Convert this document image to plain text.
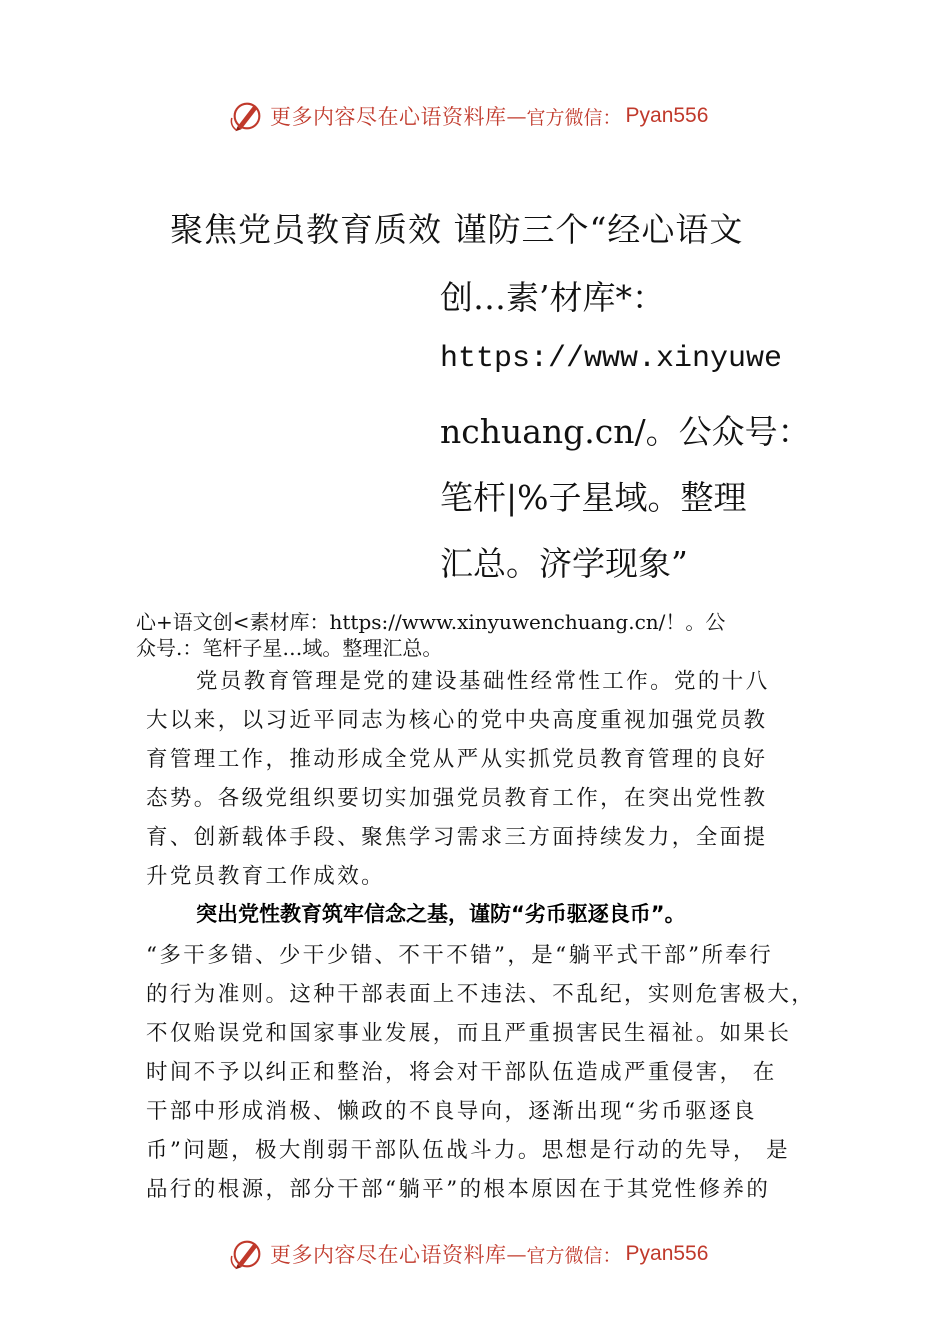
更多内容尽在心语资料库 — 官方微信： Pyan556
聚焦党员教育质效 谨防三个“经心语文
创…素’材库*：
https://www.xinyuwe
nchuang.cn/。公众号：
笔杆|%子星域。整理
汇总。济学现象”
心+语文创<素材库：https://www.xinyuwenchuang.cn/！。公
众号.：笔杆子星…域。整理汇总。
党员教育管理是党的建设基础性经常性工作。党的十八
大以来，以习近平同志为核心的党中央高度重视加强党员教
育管理工作，推动形成全党从严从实抓党员教育管理的良好
态势。各级党组织要切实加强党员教育工作，在突出党性教
育、创新载体手段、聚焦学习需求三方面持续发力，全面提
升党员教育工作成效。
突出党性教育筑牢信念之基，谨防“劣币驱逐良币”。
“多干多错、少干少错、不干不错”，是“躺平式干部”所奉行
的行为准则。这种干部表面上不违法、不乱纪，实则危害极大，
不仅贻误党和国家事业发展，而且严重损害民生福祉。如果长
时间不予以纠正和整治，将会对干部队伍造成严重侵害， 在
干部中形成消极、懒政的不良导向，逐渐出现“劣币驱逐良
币”问题，极大削弱干部队伍战斗力。思想是行动的先导， 是
品行的根源，部分干部“躺平”的根本原因在于其党性修养的
更多内容尽在心语资料库 — 官方微信： Pyan556
